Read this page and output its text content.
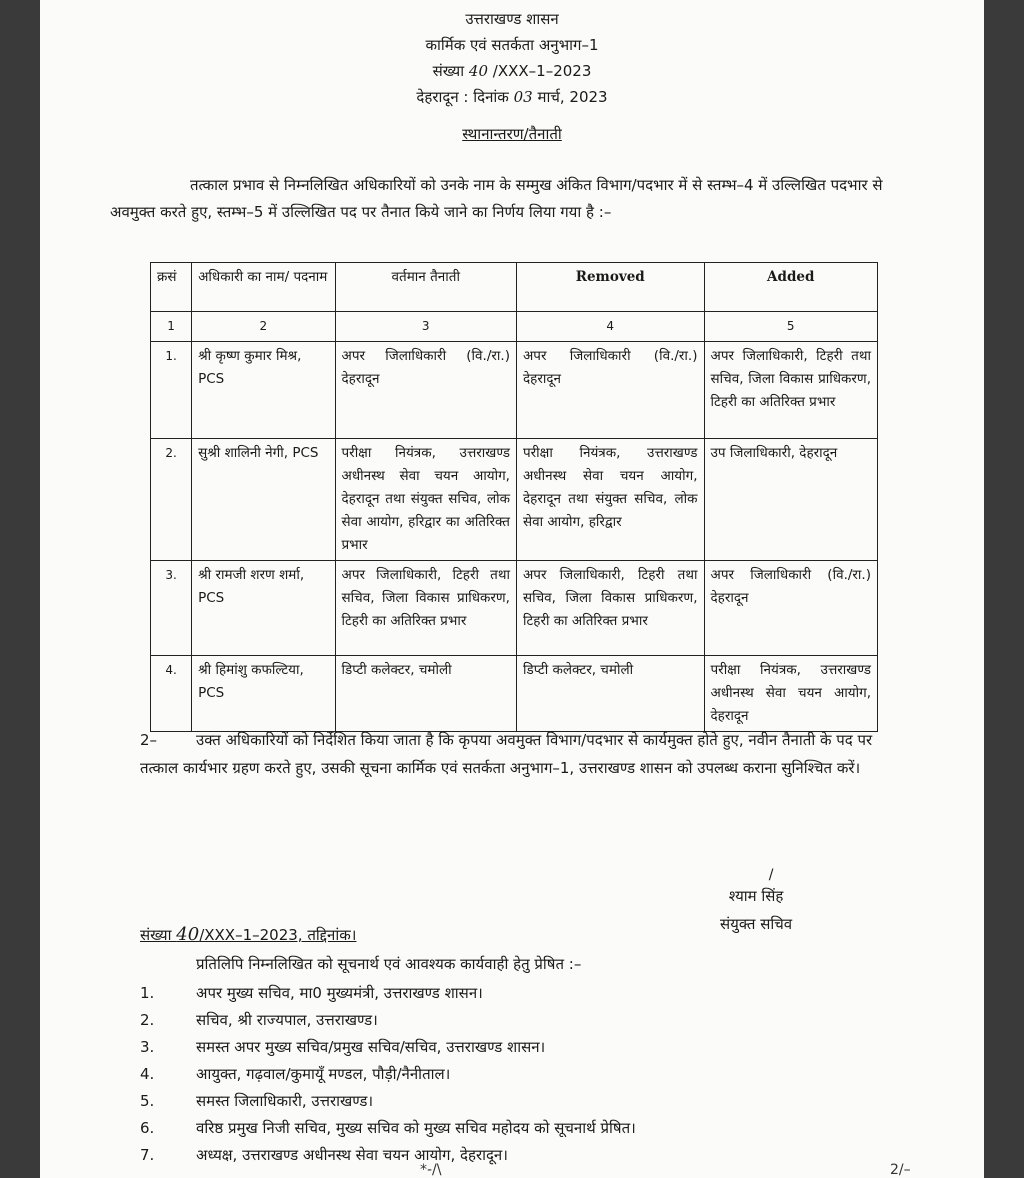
उत्तराखण्ड शासन
कार्मिक एवं सतर्कता अनुभाग–1
संख्या 40 /XXX–1–2023
देहरादून : दिनांक 03 मार्च, 2023
स्थानान्तरण/तैनाती
तत्काल प्रभाव से निम्नलिखित अधिकारियों को उनके नाम के सम्मुख अंकित विभाग/पदभार में से स्तम्भ–4 में उल्लिखित पदभार से अवमुक्त करते हुए, स्तम्भ–5 में उल्लिखित पद पर तैनात किये जाने का निर्णय लिया गया है :–
क्रसं	अधिकारी का नाम/ पदनाम	वर्तमान तैनाती	Removed	Added
1	2	3	4	5
1.	श्री कृष्ण कुमार मिश्र, PCS	अपर जिलाधिकारी (वि./रा.) देहरादून	अपर जिलाधिकारी (वि./रा.) देहरादून	अपर जिलाधिकारी, टिहरी तथा सचिव, जिला विकास प्राधिकरण, टिहरी का अतिरिक्त प्रभार
2.	सुश्री शालिनी नेगी, PCS	परीक्षा नियंत्रक, उत्तराखण्ड अधीनस्थ सेवा चयन आयोग, देहरादून तथा संयुक्त सचिव, लोक सेवा आयोग, हरिद्वार का अतिरिक्त प्रभार	परीक्षा नियंत्रक, उत्तराखण्ड अधीनस्थ सेवा चयन आयोग, देहरादून तथा संयुक्त सचिव, लोक सेवा आयोग, हरिद्वार	उप जिलाधिकारी, देहरादून
3.	श्री रामजी शरण शर्मा, PCS	अपर जिलाधिकारी, टिहरी तथा सचिव, जिला विकास प्राधिकरण, टिहरी का अतिरिक्त प्रभार	अपर जिलाधिकारी, टिहरी तथा सचिव, जिला विकास प्राधिकरण, टिहरी का अतिरिक्त प्रभार	अपर जिलाधिकारी (वि./रा.) देहरादून
4.	श्री हिमांशु कफल्टिया, PCS	डिप्टी कलेक्टर, चमोली	डिप्टी कलेक्टर, चमोली	परीक्षा नियंत्रक, उत्तराखण्ड अधीनस्थ सेवा चयन आयोग, देहरादून
2–	उक्त अधिकारियों को निर्देशित किया जाता है कि कृपया अवमुक्त विभाग/पदभार से कार्यमुक्त होते हुए, नवीन तैनाती के पद पर तत्काल कार्यभार ग्रहण करते हुए, उसकी सूचना कार्मिक एवं सतर्कता अनुभाग–1, उत्तराखण्ड शासन को उपलब्ध कराना सुनिश्चित करें।
/
श्याम सिंह
संयुक्त सचिव
संख्या 40/XXX–1–2023, तद्दिनांक।
प्रतिलिपि निम्नलिखित को सूचनार्थ एवं आवश्यक कार्यवाही हेतु प्रेषित :–
1.	अपर मुख्य सचिव, मा0 मुख्यमंत्री, उत्तराखण्ड शासन।
2.	सचिव, श्री राज्यपाल, उत्तराखण्ड।
3.	समस्त अपर मुख्य सचिव/प्रमुख सचिव/सचिव, उत्तराखण्ड शासन।
4.	आयुक्त, गढ़वाल/कुमायूँ मण्डल, पौड़ी/नैनीताल।
5.	समस्त जिलाधिकारी, उत्तराखण्ड।
6.	वरिष्ठ प्रमुख निजी सचिव, मुख्य सचिव को मुख्य सचिव महोदय को सूचनार्थ प्रेषित।
7.	अध्यक्ष, उत्तराखण्ड अधीनस्थ सेवा चयन आयोग, देहरादून।
*-/\	2/–
